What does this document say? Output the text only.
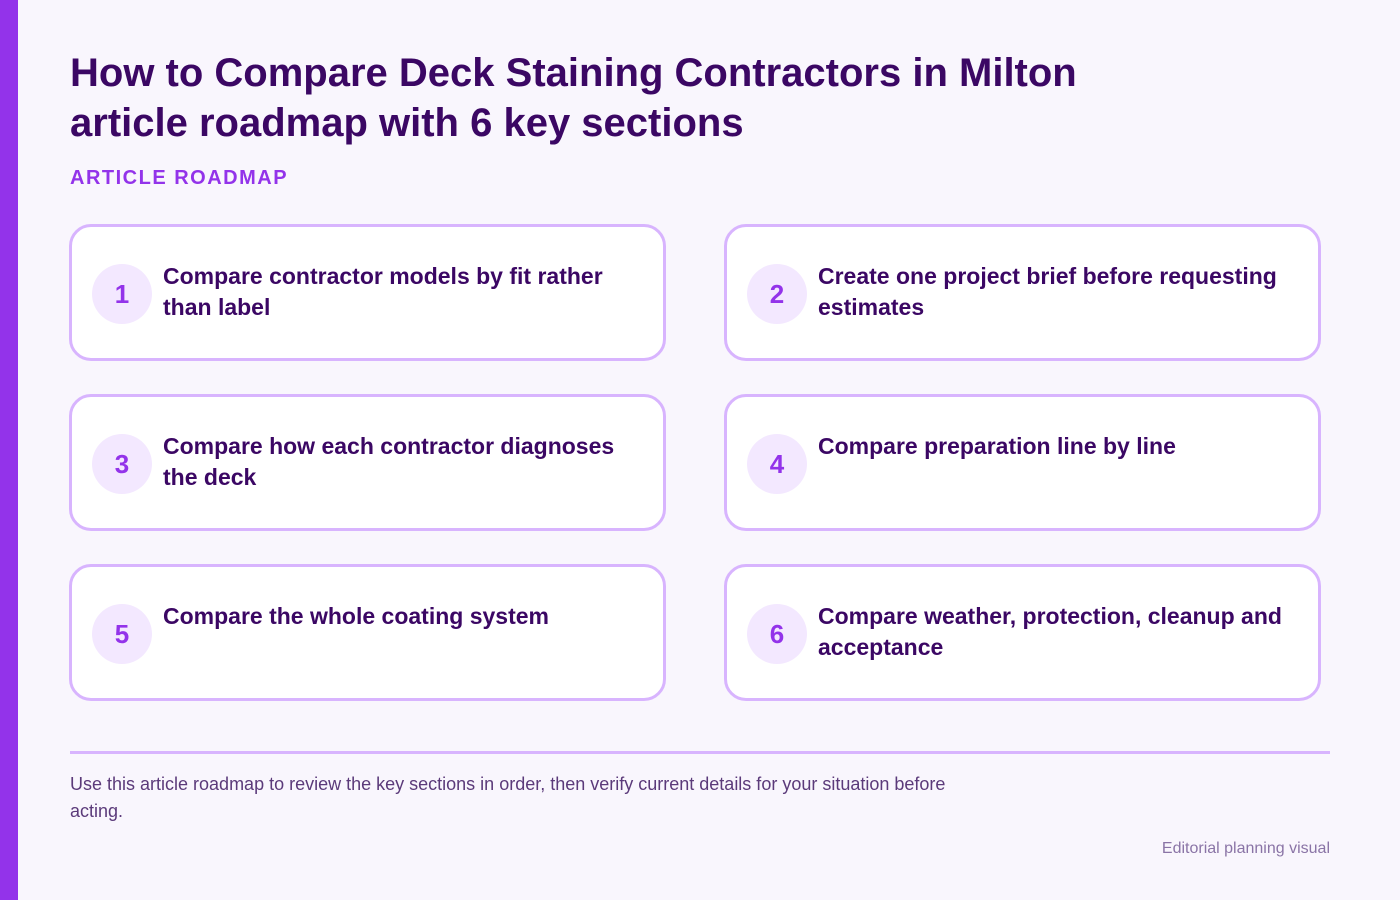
How to Compare Deck Staining Contractors in Milton
article roadmap with 6 key sections
ARTICLE ROADMAP
1
Compare contractor models by fit rather than label	2
Create one project brief before requesting estimates
3
Compare how each contractor diagnoses the deck	4
Compare preparation line by line
5
Compare the whole coating system
6
Compare weather, protection, cleanup and acceptance

Use this article roadmap to review the key sections in order, then verify current details for your situation before acting.

Editorial planning visual
